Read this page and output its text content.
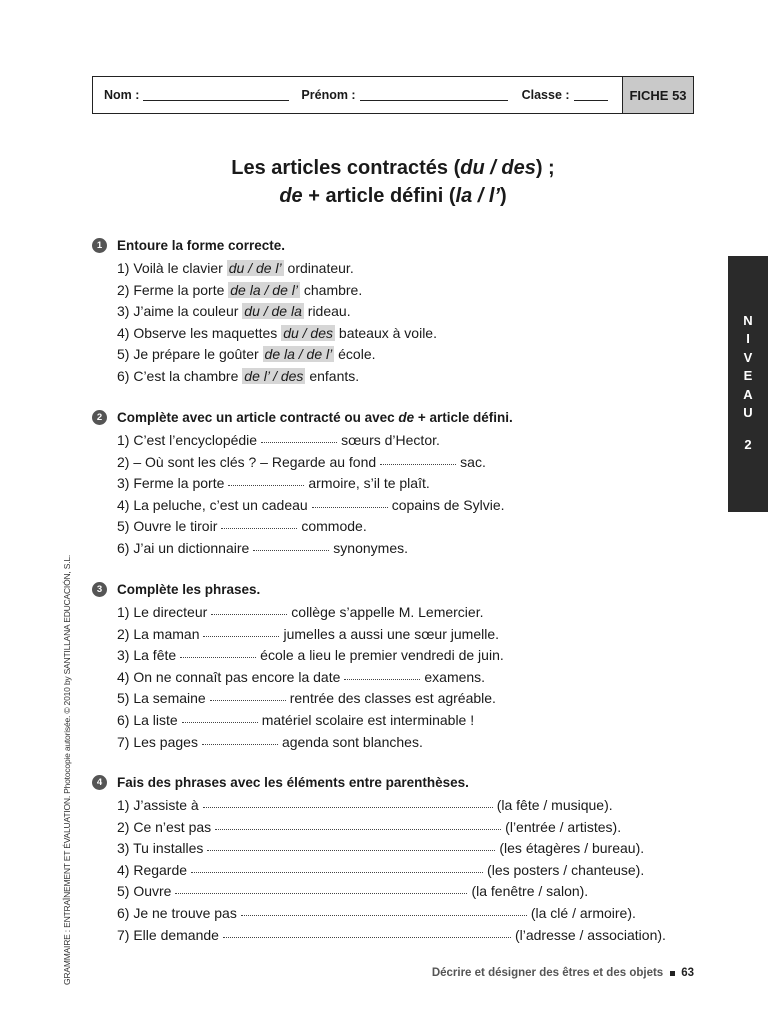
Nom :	Prénom :	Classe :	FICHE 53
Les articles contractés (du / des) ;
de + article défini (la / l’)
N
I
V
E
A
U
2
GRAMMAIRE : ENTRAÎNEMENT ET ÉVALUATION. Photocopie autorisée. © 2010 by SANTILLANA EDUCACIÓN, S.L.
1	Entoure la forme correcte.
1) Voilà le clavier du / de l’ ordinateur.
2) Ferme la porte de la / de l’ chambre.
3) J’aime la couleur du / de la rideau.
4) Observe les maquettes du / des bateaux à voile.
5) Je prépare le goûter de la / de l’ école.
6) C’est la chambre de l’ / des enfants.
2	Complète avec un article contracté ou avec de + article défini.
1) C’est l’encyclopédie	sœurs d’Hector.
2) – Où sont les clés ? – Regarde au fond	sac.
3) Ferme la porte	armoire, s’il te plaît.
4) La peluche, c’est un cadeau	copains de Sylvie.
5) Ouvre le tiroir	commode.
6) J’ai un dictionnaire	synonymes.
3	Complète les phrases.
1) Le directeur	collège s’appelle M. Lemercier.
2) La maman	jumelles a aussi une sœur jumelle.
3) La fête	école a lieu le premier vendredi de juin.
4) On ne connaît pas encore la date	examens.
5) La semaine	rentrée des classes est agréable.
6) La liste	matériel scolaire est interminable !
7) Les pages	agenda sont blanches.
4	Fais des phrases avec les éléments entre parenthèses.
1) J’assiste à	(la fête / musique).
2) Ce n’est pas	(l’entrée / artistes).
3) Tu installes	(les étagères / bureau).
4) Regarde	(les posters / chanteuse).
5) Ouvre	(la fenêtre / salon).
6) Je ne trouve pas	(la clé / armoire).
7) Elle demande	(l’adresse / association).
Décrire et désigner des êtres et des objets 63
